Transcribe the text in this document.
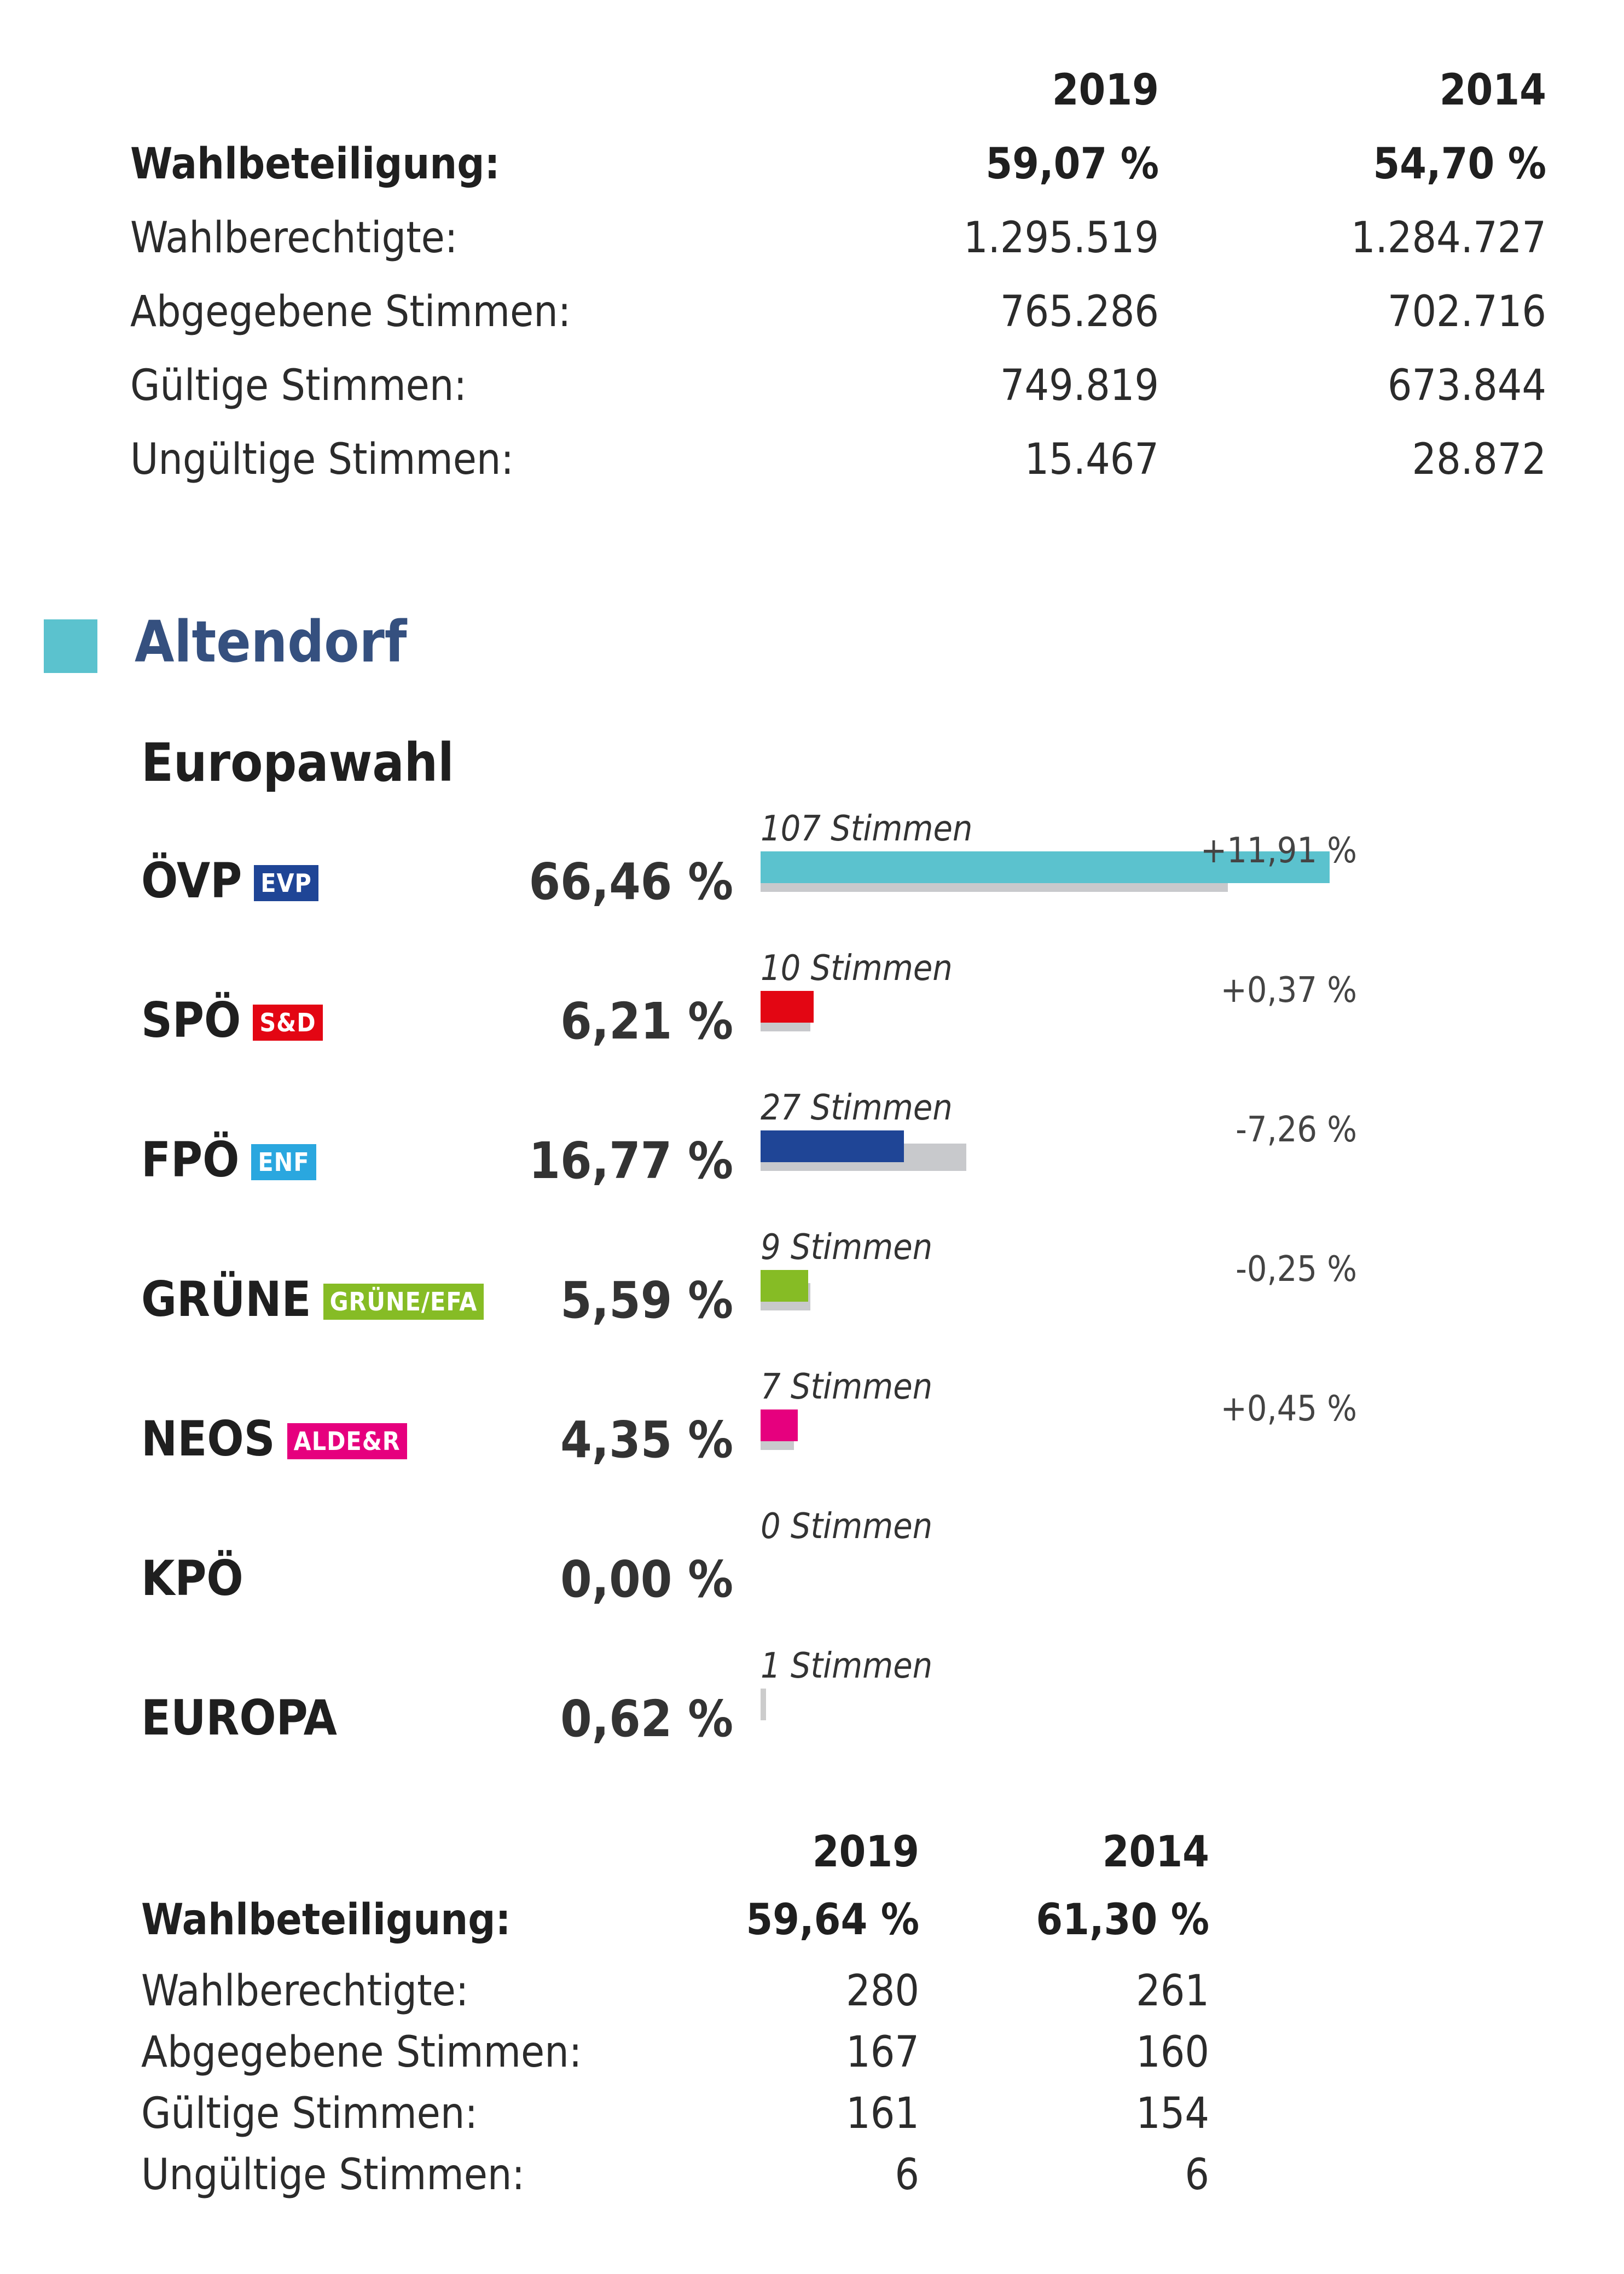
2019	2014
Wahlbeteiligung:	59,07 %	54,70 %
Wahlberechtigte:	1.295.519	1.284.727
Abgegebene Stimmen:	765.286	702.716
Gültige Stimmen:	749.819	673.844
Ungültige Stimmen:	15.467	28.872
Altendorf
Europawahl
ÖVP EVP	66,46 %
107 Stimmen
+11,91 %
SPÖ S&D	6,21 %
10 Stimmen
+0,37 %
FPÖ ENF	16,77 %
27 Stimmen
-7,26 %
GRÜNE GRÜNE/EFA 5,59 %
9 Stimmen
-0,25 %
NEOS ALDE&R	4,35 %
7 Stimmen
+0,45 %
KPÖ	0,00 %
0 Stimmen
EUROPA	0,62 %
1 Stimmen
2019	2014
Wahlbeteiligung:	59,64 %	61,30 %
Wahlberechtigte:	280	261
Abgegebene Stimmen:	167	160
Gültige Stimmen:	161	154
Ungültige Stimmen:	6	6
